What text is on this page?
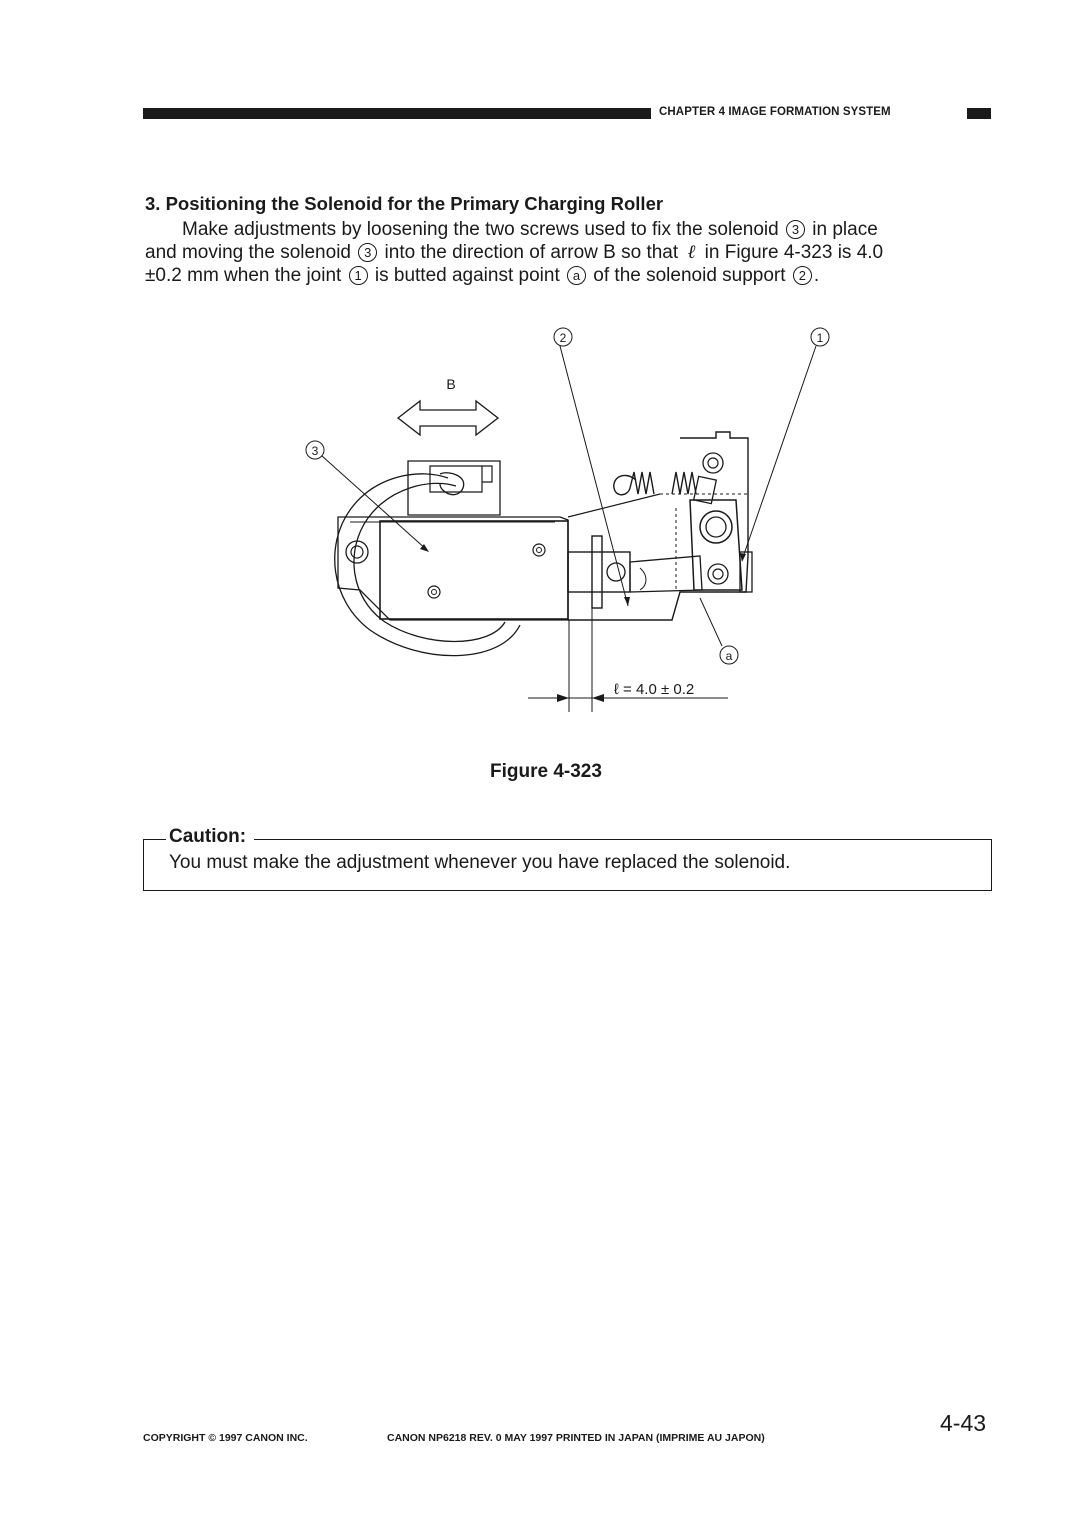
CHAPTER 4 IMAGE FORMATION SYSTEM
3. Positioning the Solenoid for the Primary Charging Roller
Make adjustments by loosening the two screws used to fix the solenoid 3 in place
and moving the solenoid 3 into the direction of arrow B so that ℓ in Figure 4-323 is 4.0
±0.2 mm when the joint 1 is butted against point a of the solenoid support 2 .
2	1
3
a
B
ℓ = 4.0 ± 0.2
Figure 4-323
Caution:
You must make the adjustment whenever you have replaced the solenoid.
COPYRIGHT © 1997 CANON INC.	CANON NP6218 REV. 0 MAY 1997 PRINTED IN JAPAN (IMPRIME AU JAPON)
4-43
